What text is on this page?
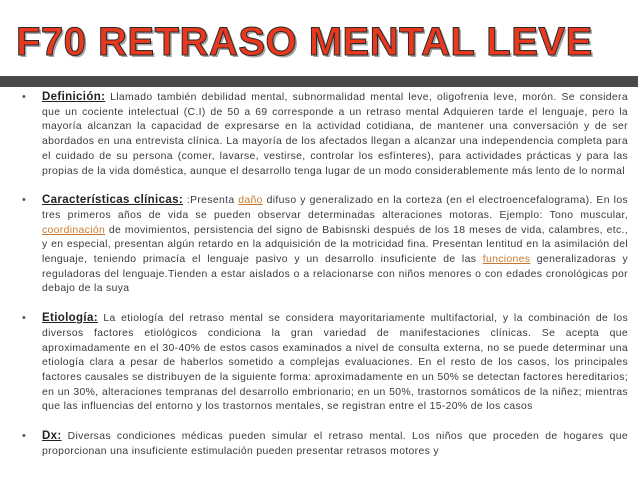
F70 RETRASO MENTAL LEVE
• Definición: Llamado también debilidad mental, subnormalidad mental leve, oligofrenia leve, morón. Se considera que un cociente intelectual (C.I) de 50 a 69 corresponde a un retraso mental Adquieren tarde el lenguaje, pero la mayoría alcanzan la capacidad de expresarse en la actividad cotidiana, de mantener una conversación y de ser abordados en una entrevista clínica. La mayoría de los afectados llegan a alcanzar una independencia completa para el cuidado de su persona (comer, lavarse, vestirse, controlar los esfínteres), para actividades prácticas y para las propias de la vida doméstica, aunque el desarrollo tenga lugar de un modo considerablemente más lento de lo normal
• Características clínicas: :Presenta daño difuso y generalizado en la corteza (en el electroencefalograma). En los tres primeros años de vida se pueden observar determinadas alteraciones motoras. Ejemplo: Tono muscular, coordinación de movimientos, persistencia del signo de Babisnski después de los 18 meses de vida, calambres, etc., y en especial, presentan algún retardo en la adquisición de la motricidad fina. Presentan lentitud en la asimilación del lenguaje, teniendo primacía el lenguaje pasivo y un desarrollo insuficiente de las funciones generalizadoras y reguladoras del lenguaje.Tienden a estar aislados o a relacionarse con niños menores o con edades cronológicas por debajo de la suya
• Etiología: La etiología del retraso mental se considera mayoritariamente multifactorial, y la combinación de los diversos factores etiológicos condiciona la gran variedad de manifestaciones clínicas. Se acepta que aproximadamente en el 30-40% de estos casos examinados a nivel de consulta externa, no se puede determinar una etiología clara a pesar de haberlos sometido a complejas evaluaciones. En el resto de los casos, los principales factores causales se distribuyen de la siguiente forma: aproximadamente en un 50% se detectan factores hereditarios; en un 30%, alteraciones tempranas del desarrollo embrionario; en un 50%, trastornos somáticos de la niñez; mientras que las influencias del entorno y los trastornos mentales, se registran entre el 15-20% de los casos
• Dx: Diversas condiciones médicas pueden simular el retraso mental. Los niños que proceden de hogares que proporcionan una insuficiente estimulación pueden presentar retrasos motores y
